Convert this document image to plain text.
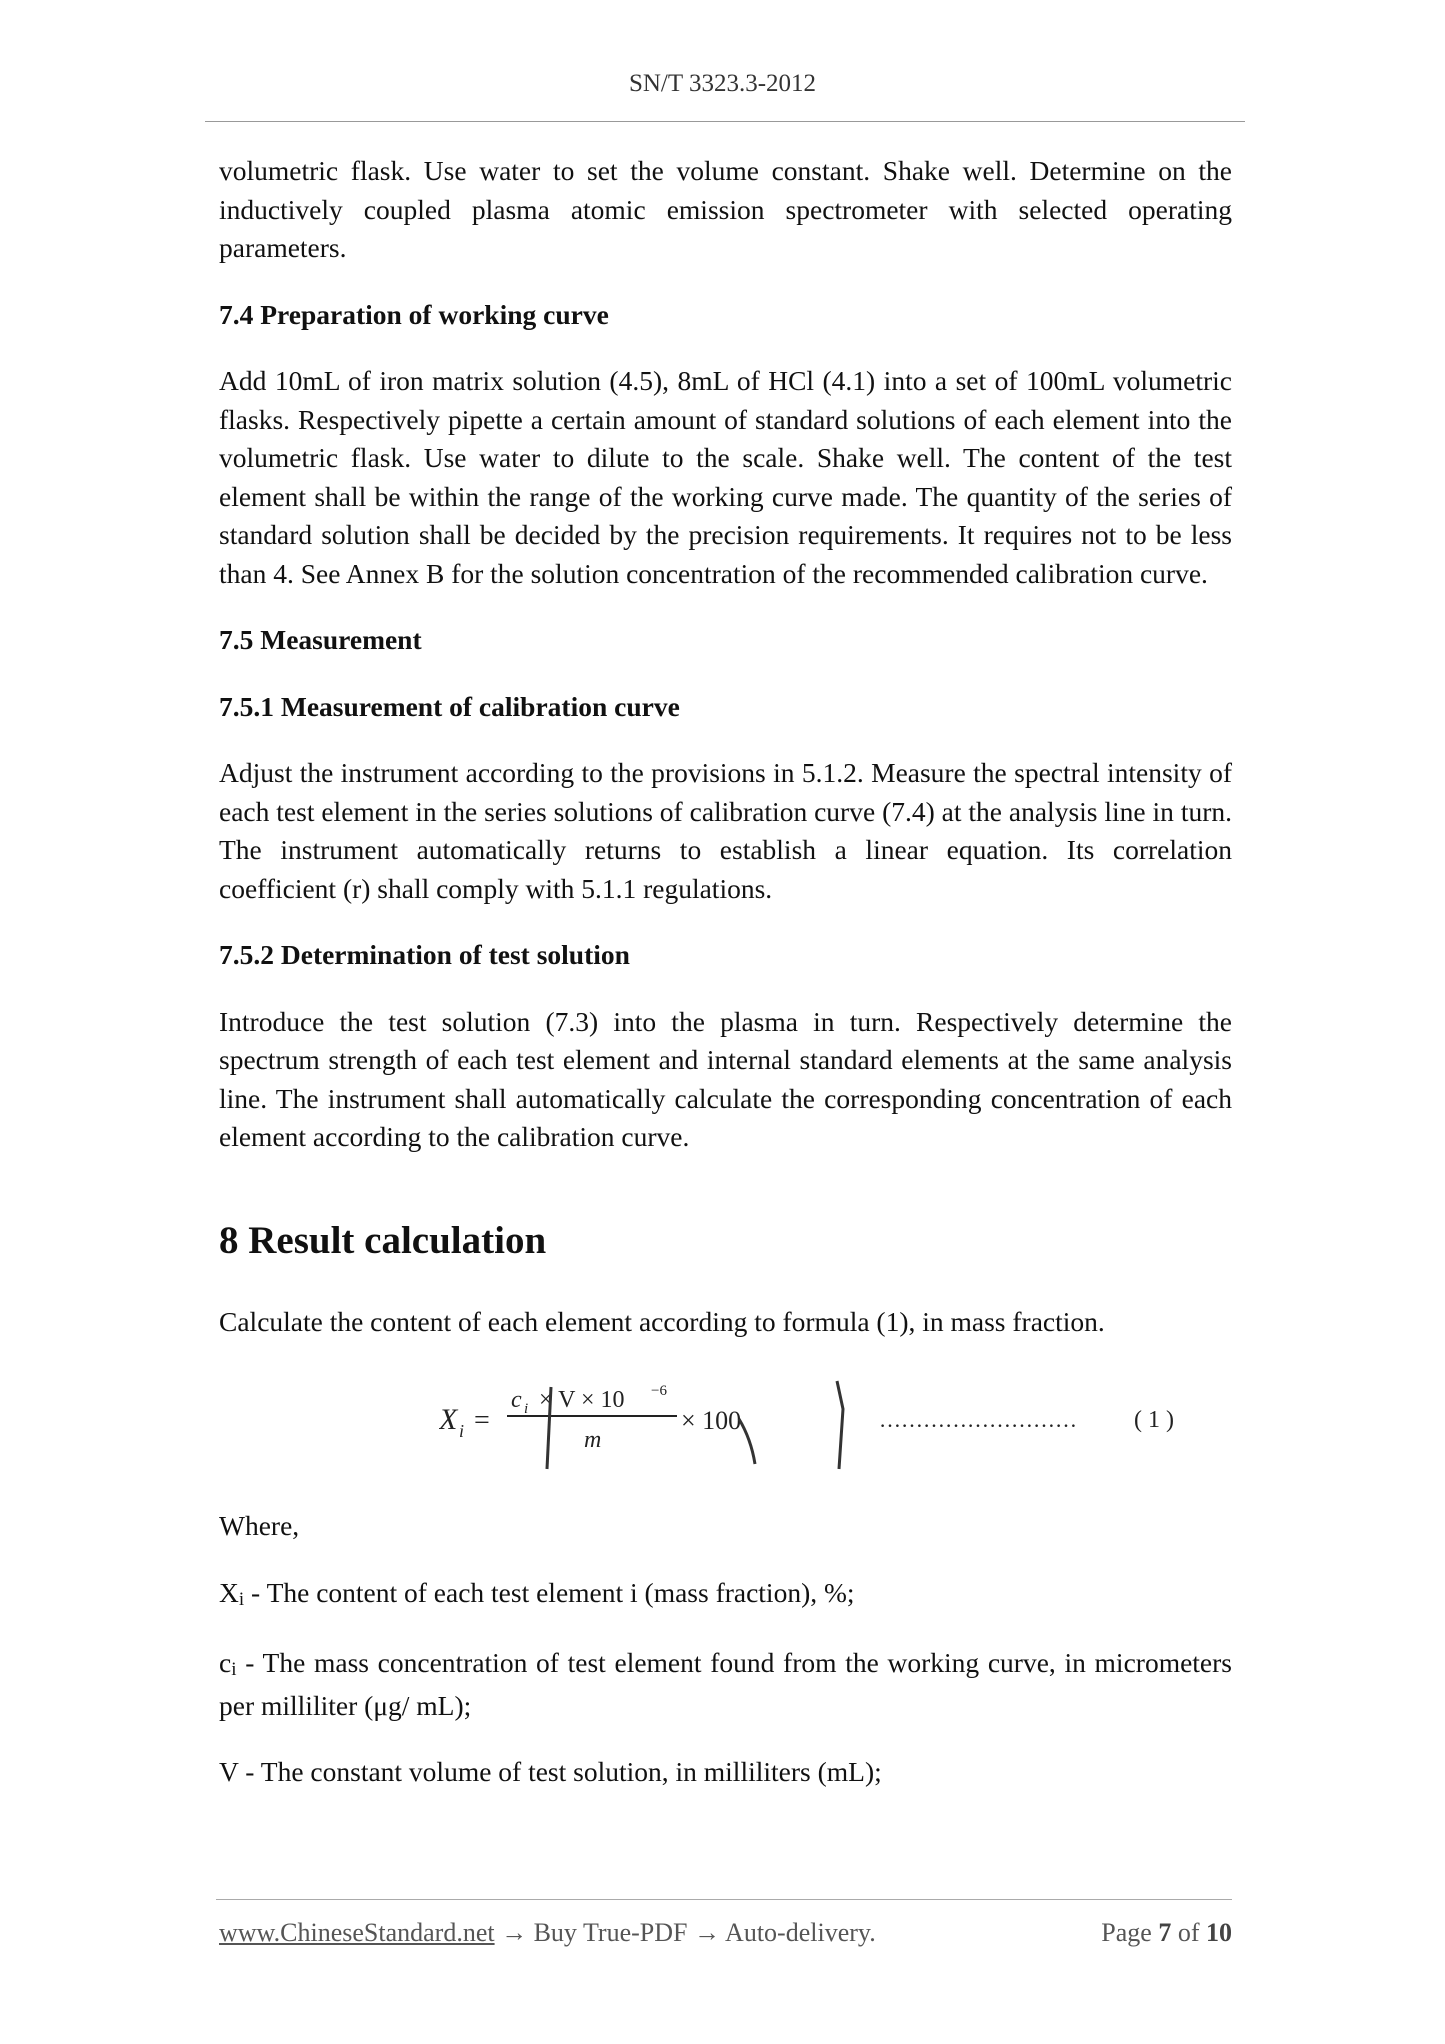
SN/T 3323.3-2012

volumetric flask. Use water to set the volume constant. Shake well. Determine on the inductively coupled plasma atomic emission spectrometer with selected operating parameters.

7.4 Preparation of working curve

Add 10mL of iron matrix solution (4.5), 8mL of HCl (4.1) into a set of 100mL volumetric flasks. Respectively pipette a certain amount of standard solutions of each element into the volumetric flask. Use water to dilute to the scale. Shake well. The content of the test element shall be within the range of the working curve made. The quantity of the series of standard solution shall be decided by the precision requirements. It requires not to be less than 4. See Annex B for the solution concentration of the recommended calibration curve.

7.5 Measurement
7.5.1 Measurement of calibration curve

Adjust the instrument according to the provisions in 5.1.2. Measure the spectral intensity of each test element in the series solutions of calibration curve (7.4) at the analysis line in turn. The instrument automatically returns to establish a linear equation. Its correlation coefficient (r) shall comply with 5.1.1 regulations.

7.5.2 Determination of test solution

Introduce the test solution (7.3) into the plasma in turn. Respectively determine the spectrum strength of each test element and internal standard elements at the same analysis line. The instrument shall automatically calculate the corresponding concentration of each element according to the calibration curve.

8 Result calculation

Calculate the content of each element according to formula (1), in mass fraction.

X i =
c i × V × 10 −6
m
× 100	……………………… ( 1 )

Where,

Xi - The content of each test element i (mass fraction), %;

ci - The mass concentration of test element found from the working curve, in micrometers per milliliter (μg/ mL);

V - The constant volume of test solution, in milliliters (mL);

www.ChineseStandard.net → Buy True-PDF → Auto-delivery.	Page 7 of 10
